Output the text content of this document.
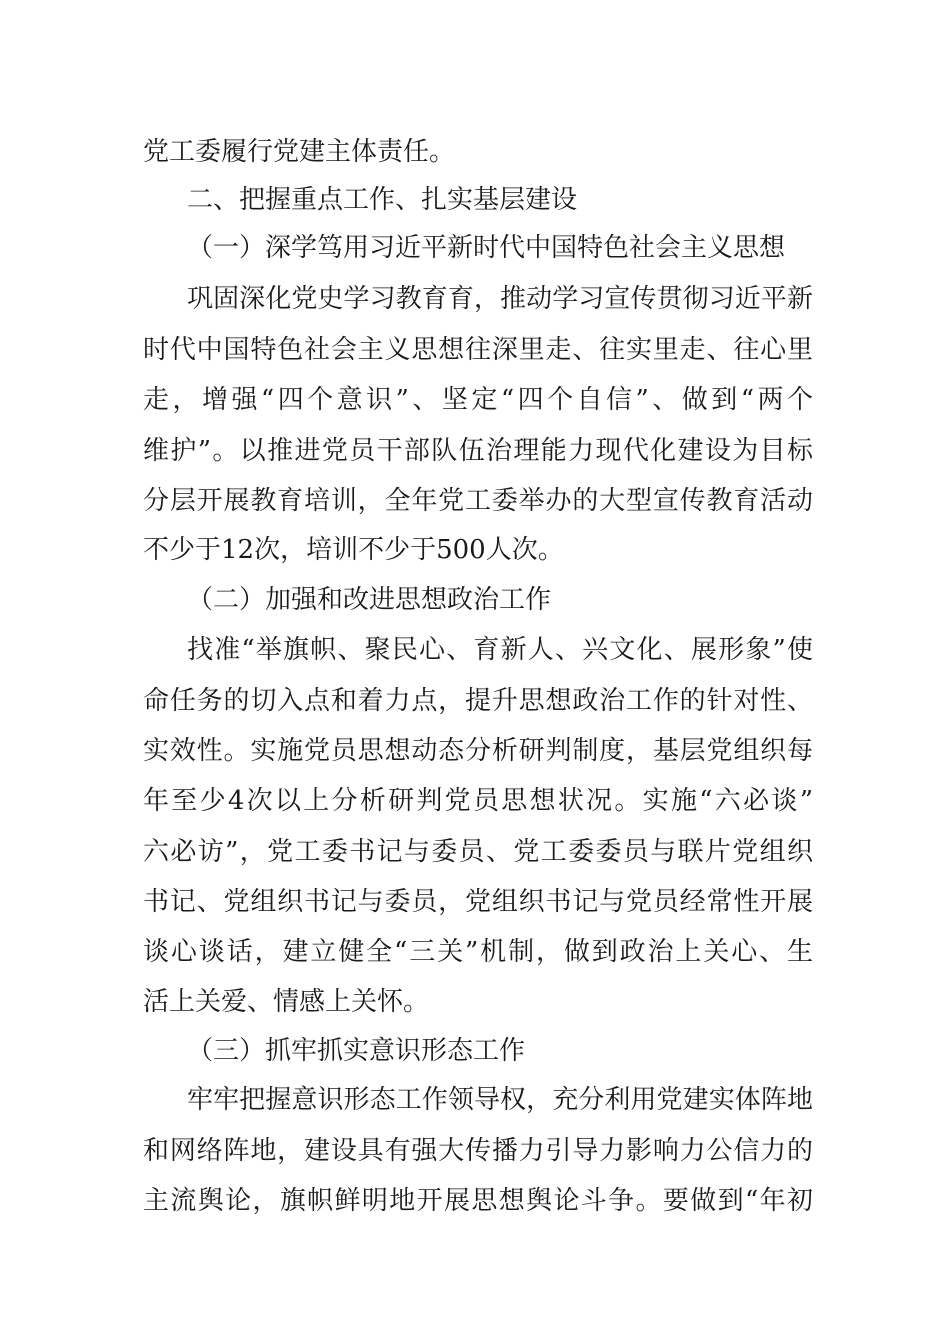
党工委履行党建主体责任。
二、把握重点工作、扎实基层建设
（一）深学笃用习近平新时代中国特色社会主义思想
巩固深化党史学习教育育，推动学习宣传贯彻习近平新
时代中国特色社会主义思想往深里走、往实里走、往心里
走，增强“四个意识”、坚定“四个自信”、做到“两个
维护”。以推进党员干部队伍治理能力现代化建设为目标
分层开展教育培训，全年党工委举办的大型宣传教育活动
不少于12次，培训不少于500人次。
（二）加强和改进思想政治工作
找准“举旗帜、聚民心、育新人、兴文化、展形象”使
命任务的切入点和着力点，提升思想政治工作的针对性、
实效性。实施党员思想动态分析研判制度，基层党组织每
年至少4次以上分析研判党员思想状况。实施“六必谈”
六必访”，党工委书记与委员、党工委委员与联片党组织
书记、党组织书记与委员，党组织书记与党员经常性开展
谈心谈话，建立健全“三关”机制，做到政治上关心、生
活上关爱、情感上关怀。
（三）抓牢抓实意识形态工作
牢牢把握意识形态工作领导权，充分利用党建实体阵地
和网络阵地，建设具有强大传播力引导力影响力公信力的
主流舆论，旗帜鲜明地开展思想舆论斗争。要做到“年初
